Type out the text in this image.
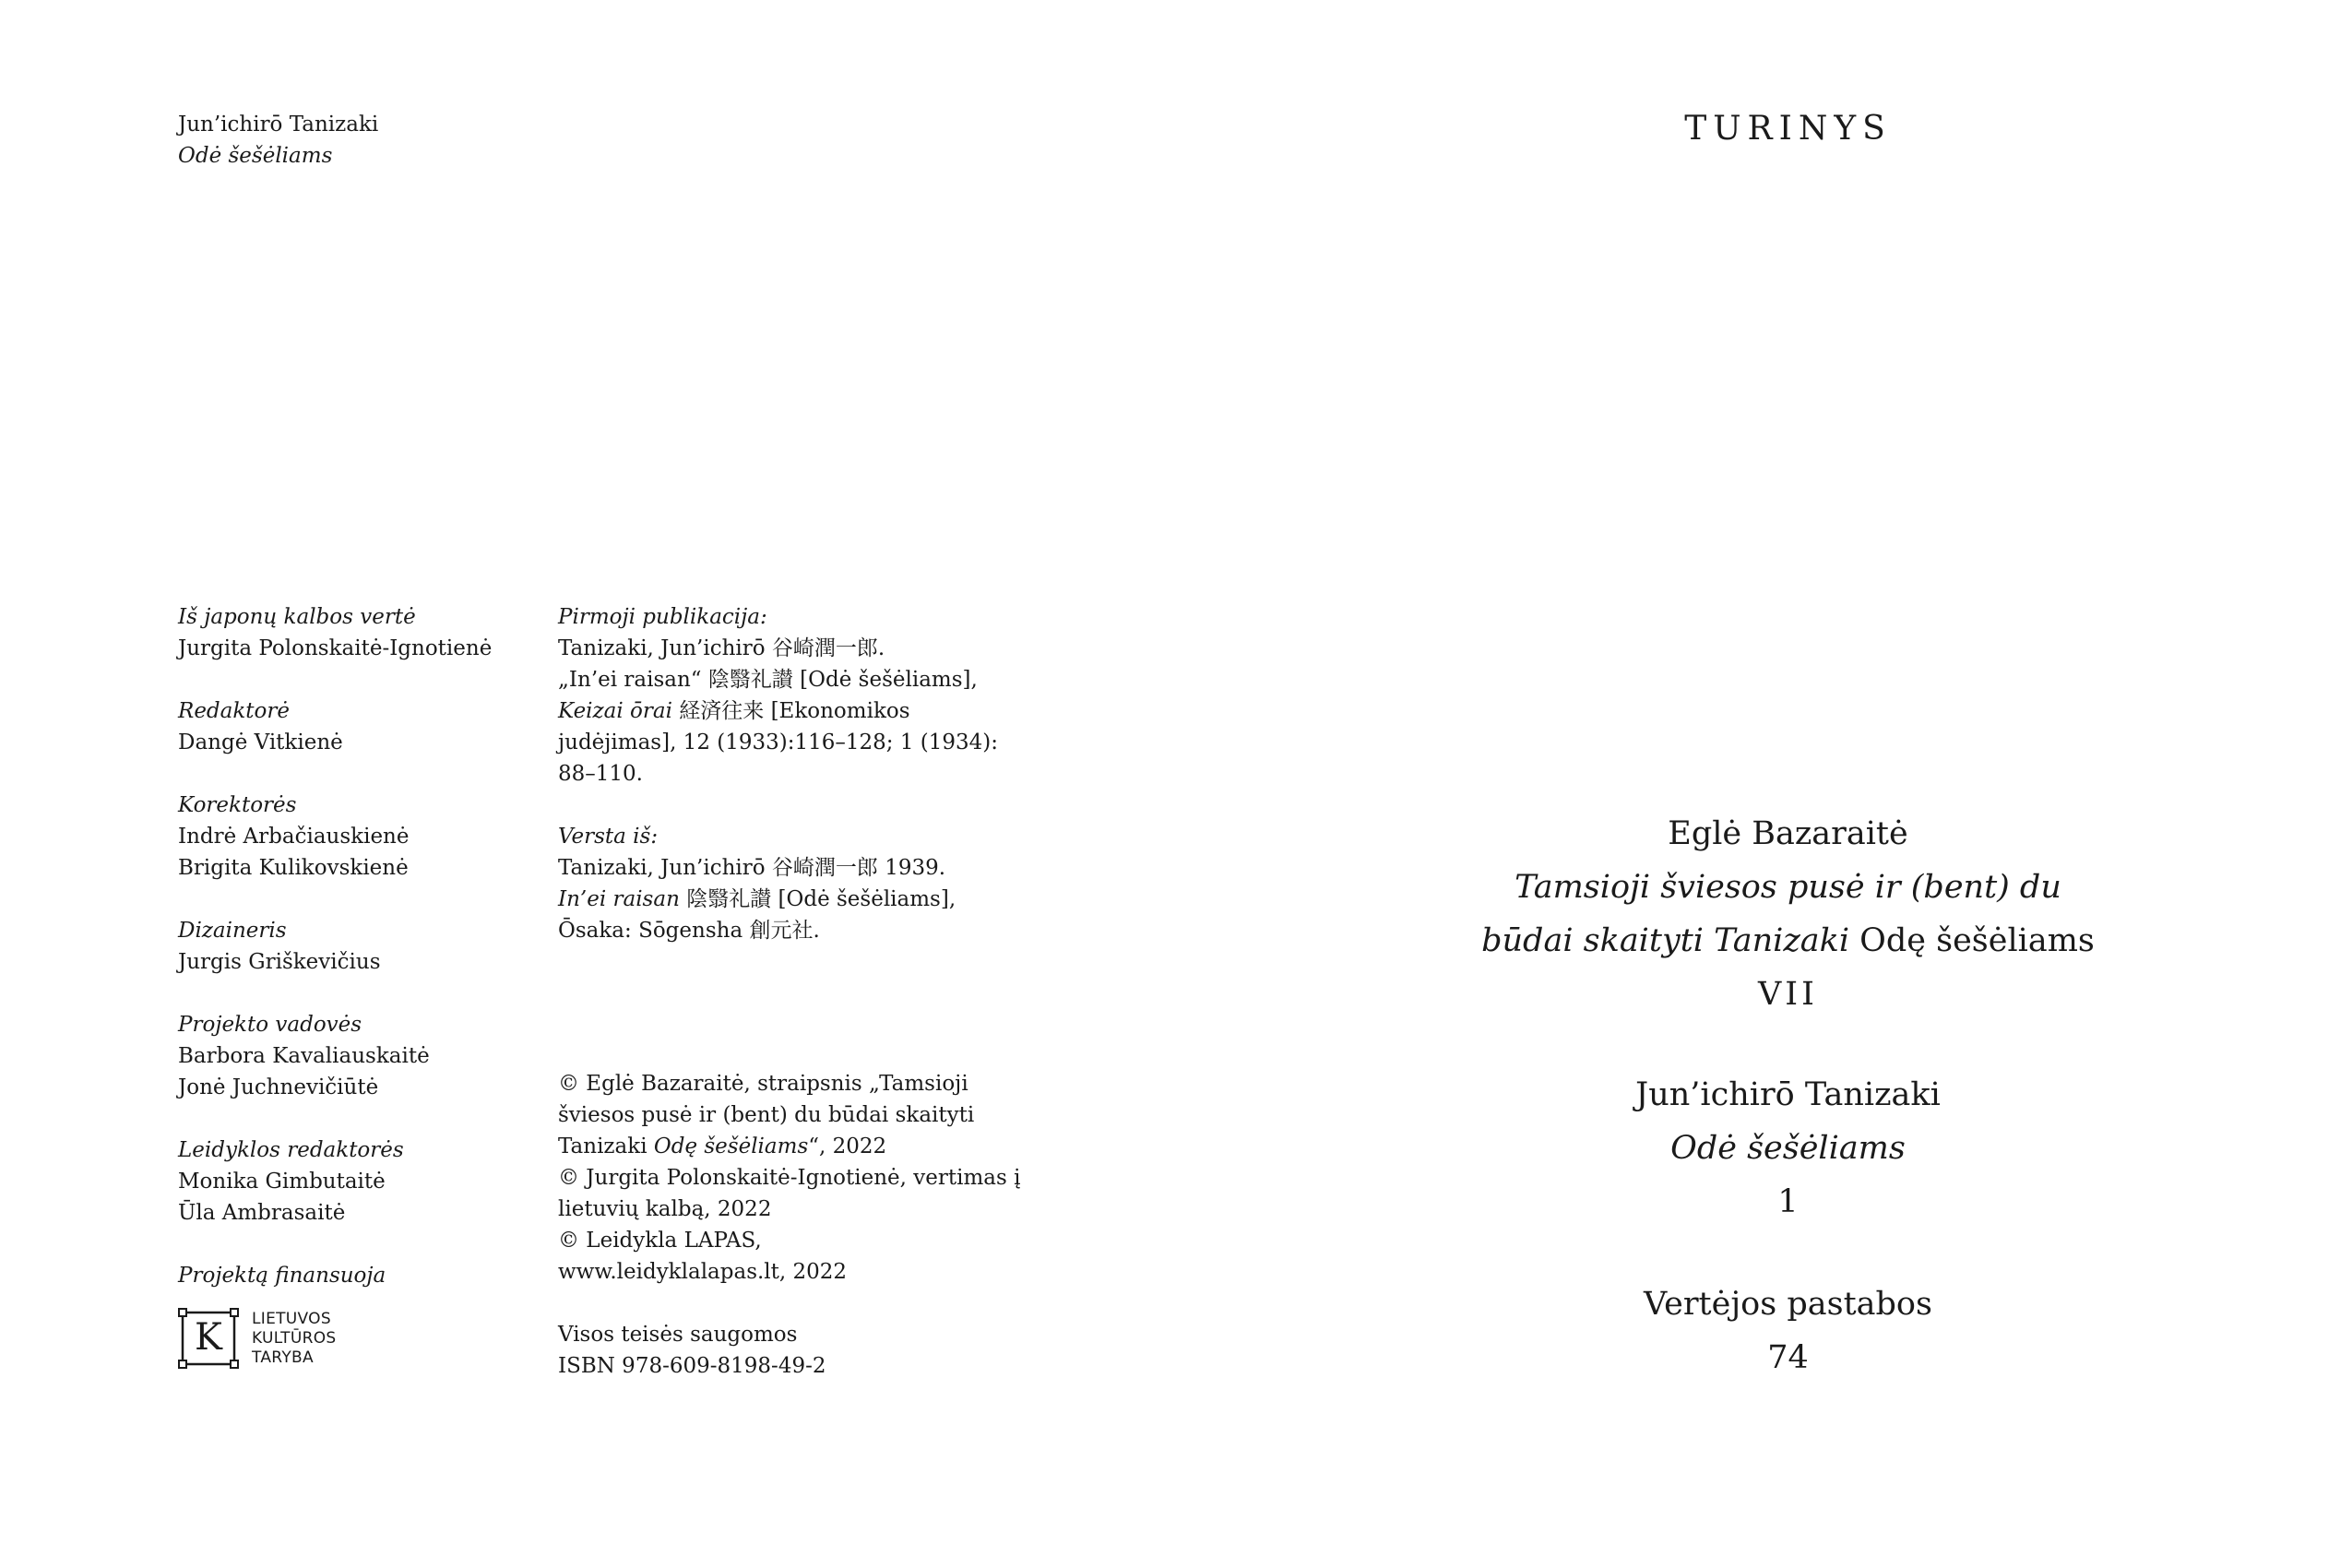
Jun’ichirō Tanizaki
Odė šešėliams
Iš japonų kalbos vertė
Jurgita Polonskaitė-Ignotienė
Redaktorė
Dangė Vitkienė
Korektorės
Indrė Arbačiauskienė
Brigita Kulikovskienė
Dizaineris
Jurgis Griškevičius
Projekto vadovės
Barbora Kavaliauskaitė
Jonė Juchnevičiūtė
Leidyklos redaktorės
Monika Gimbutaitė
Ūla Ambrasaitė
Projektą finansuoja
K	LIETUVOS
KULTŪROS
TARYBA
Pirmoji publikacija:
Tanizaki, Jun’ichirō 谷崎潤一郎.
„In’ei raisan“ 陰翳礼讃 [Odė šešėliams],
Keizai ōrai 経済往来 [Ekonomikos
judėjimas], 12 (1933):116–128; 1 (1934):
88–110.
Versta iš:
Tanizaki, Jun’ichirō 谷崎潤一郎 1939.
In’ei raisan 陰翳礼讃 [Odė šešėliams],
Ōsaka: Sōgensha 創元社.
© Eglė Bazaraitė, straipsnis „Tamsioji
šviesos pusė ir (bent) du būdai skaityti
Tanizaki Odę šešėliams“, 2022
© Jurgita Polonskaitė-Ignotienė, vertimas į
lietuvių kalbą, 2022
© Leidykla LAPAS,
www.leidyklalapas.lt, 2022
Visos teisės saugomos
ISBN 978-609-8198-49-2
TURINYS
Eglė Bazaraitė
Tamsioji šviesos pusė ir (bent) du
būdai skaityti Tanizaki Odę šešėliams
VII
Jun’ichirō Tanizaki
Odė šešėliams
1
Vertėjos pastabos
74
